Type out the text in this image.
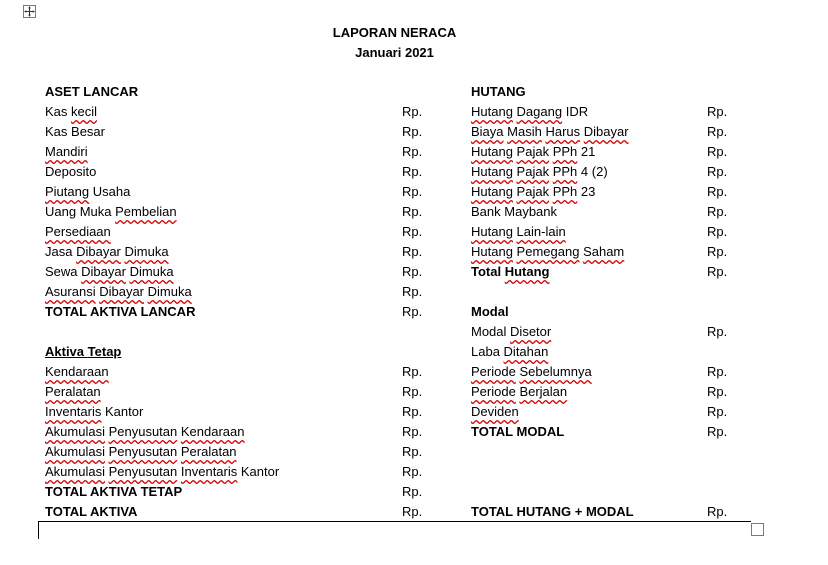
LAPORAN NERACA
Januari 2021
ASET LANCAR
Kas kecil	Rp.
Kas Besar	Rp.
Mandiri	Rp.
Deposito	Rp.
Piutang Usaha	Rp.
Uang Muka Pembelian	Rp.
Persediaan	Rp.
Jasa Dibayar Dimuka	Rp.
Sewa Dibayar Dimuka	Rp.
Asuransi Dibayar Dimuka	Rp.
TOTAL AKTIVA LANCAR	Rp.
Aktiva Tetap
Kendaraan	Rp.
Peralatan	Rp.
Inventaris Kantor	Rp.
Akumulasi Penyusutan Kendaraan	Rp.
Akumulasi Penyusutan Peralatan	Rp.
Akumulasi Penyusutan Inventaris Kantor	Rp.
TOTAL AKTIVA TETAP	Rp.
TOTAL AKTIVA	Rp.
HUTANG
Hutang Dagang IDR	Rp.
Biaya Masih Harus Dibayar	Rp.
Hutang Pajak PPh 21	Rp.
Hutang Pajak PPh 4 (2)	Rp.
Hutang Pajak PPh 23	Rp.
Bank Maybank	Rp.
Hutang Lain-lain	Rp.
Hutang Pemegang Saham	Rp.
Total Hutang	Rp.
Modal
Modal Disetor	Rp.
Laba Ditahan
Periode Sebelumnya	Rp.
Periode Berjalan	Rp.
Deviden	Rp.
TOTAL MODAL	Rp.
TOTAL HUTANG + MODAL	Rp.
